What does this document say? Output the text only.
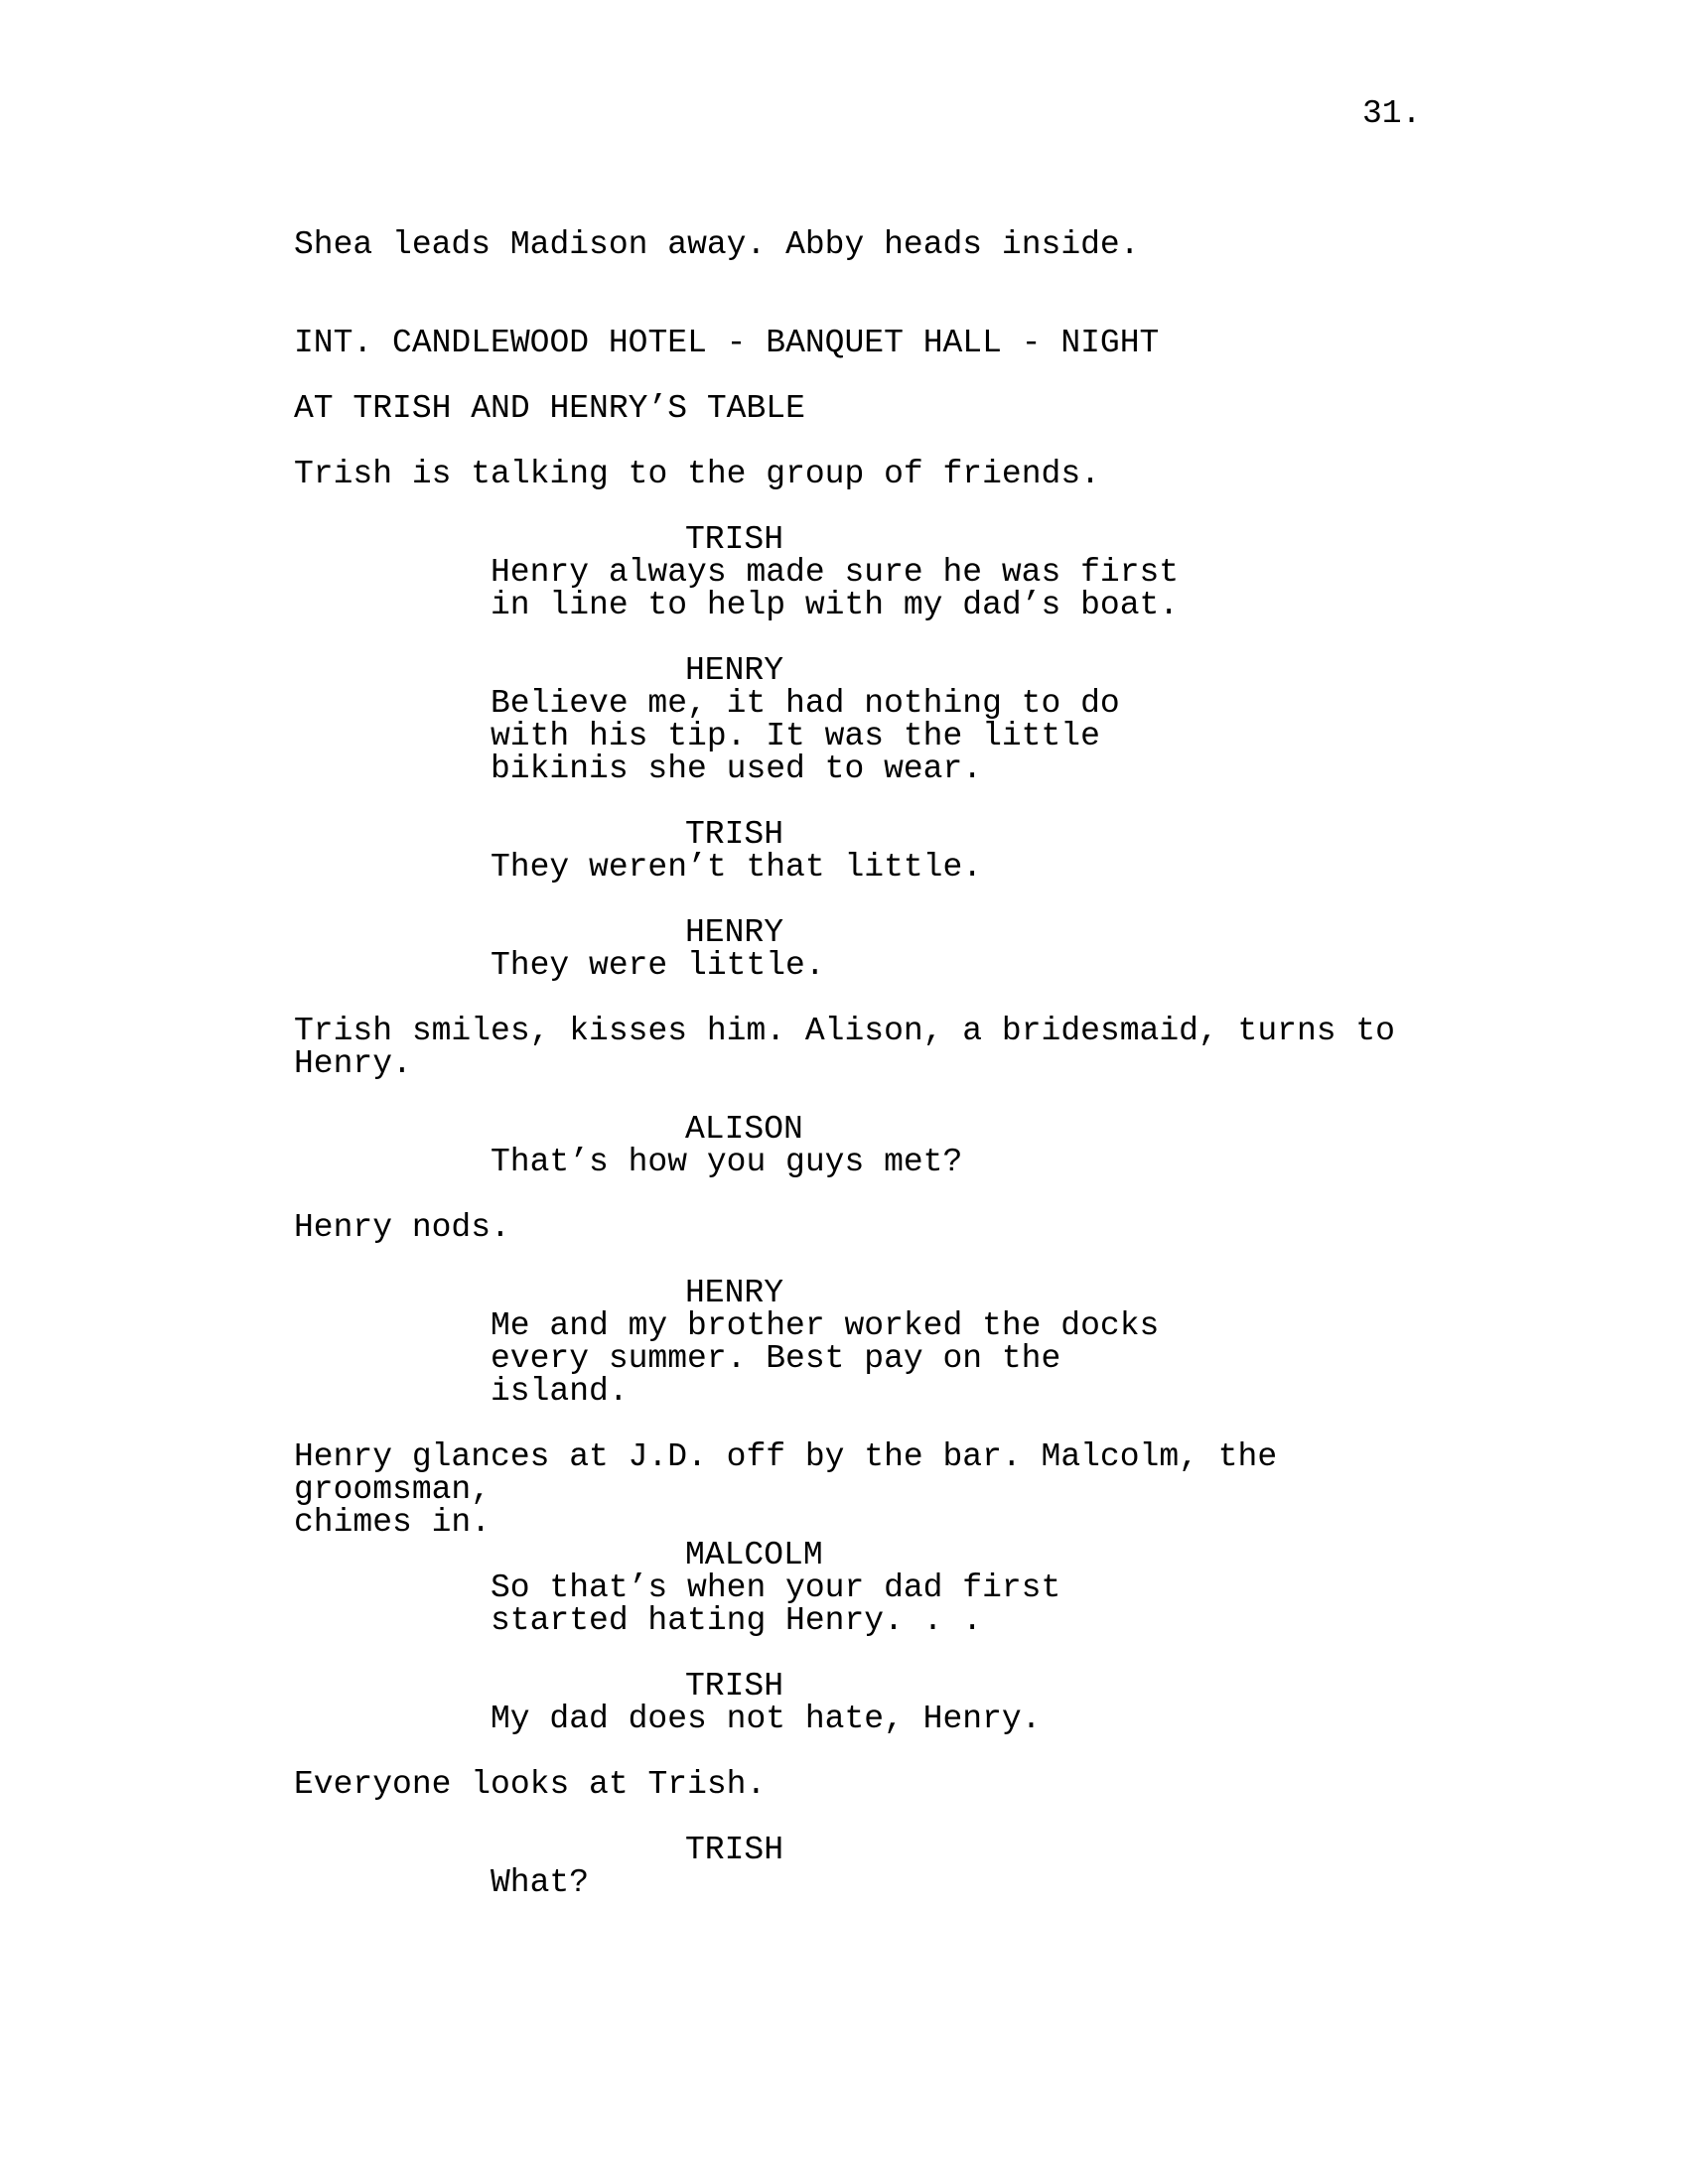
31.

Shea leads Madison away. Abby heads inside.

INT. CANDLEWOOD HOTEL - BANQUET HALL - NIGHT

AT TRISH AND HENRY’S TABLE

Trish is talking to the group of friends.

TRISH

Henry always made sure he was first
in line to help with my dad’s boat.

HENRY

Believe me, it had nothing to do
with his tip. It was the little
bikinis she used to wear.

TRISH

They weren’t that little.

HENRY

They were little.

Trish smiles, kisses him. Alison, a bridesmaid, turns to
Henry.

ALISON

That’s how you guys met?

Henry nods.

HENRY

Me and my brother worked the docks
every summer. Best pay on the
island.

Henry glances at J.D. off by the bar. Malcolm, the groomsman,
chimes in.

MALCOLM

So that’s when your dad first
started hating Henry. . .

TRISH

My dad does not hate, Henry.

Everyone looks at Trish.

TRISH

What?
